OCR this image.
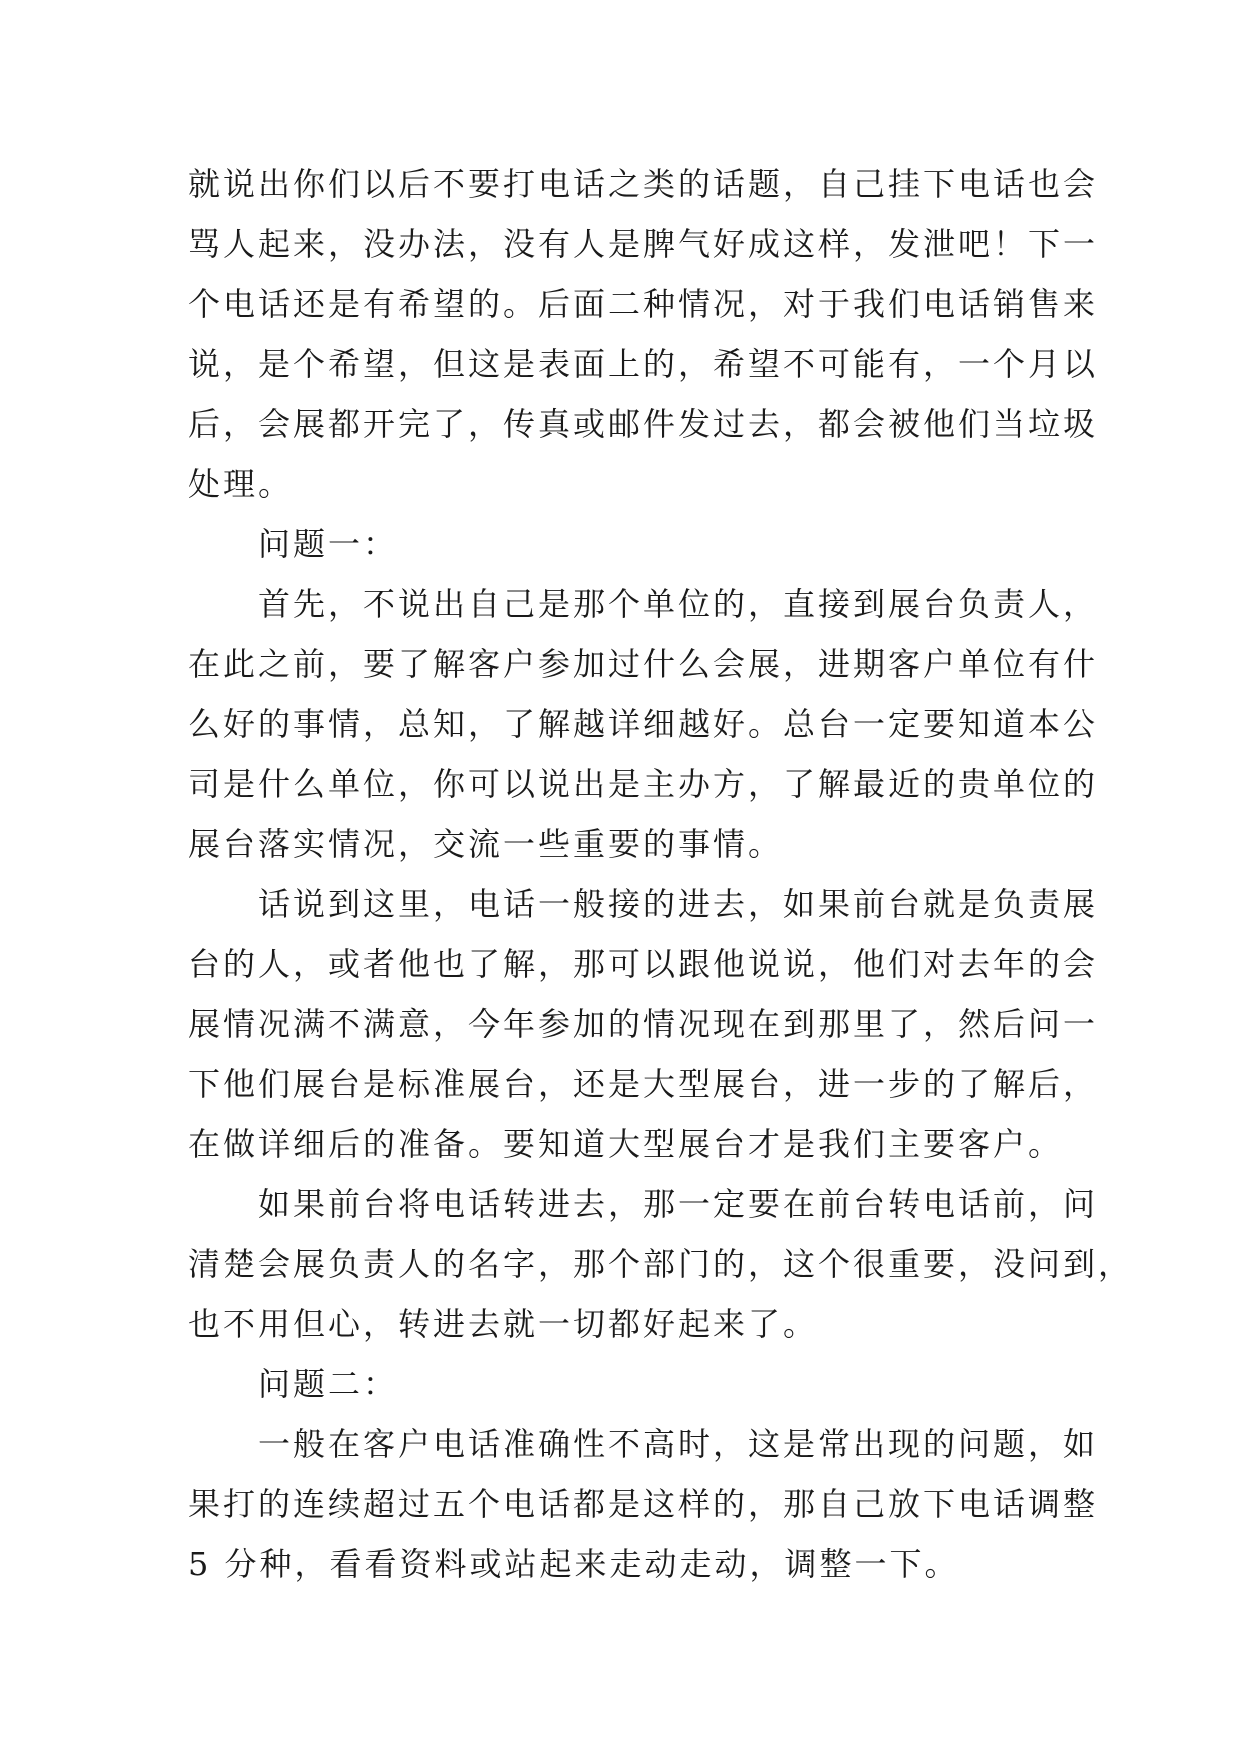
就说出你们以后不要打电话之类的话题，自己挂下电话也会
骂人起来，没办法，没有人是脾气好成这样，发泄吧！下一
个电话还是有希望的。后面二种情况，对于我们电话销售来
说，是个希望，但这是表面上的，希望不可能有，一个月以
后，会展都开完了，传真或邮件发过去，都会被他们当垃圾
处理。
　　问题一：
　　首先，不说出自己是那个单位的，直接到展台负责人，
在此之前，要了解客户参加过什么会展，进期客户单位有什
么好的事情，总知，了解越详细越好。总台一定要知道本公
司是什么单位，你可以说出是主办方，了解最近的贵单位的
展台落实情况，交流一些重要的事情。
　　话说到这里，电话一般接的进去，如果前台就是负责展
台的人，或者他也了解，那可以跟他说说，他们对去年的会
展情况满不满意，今年参加的情况现在到那里了，然后问一
下他们展台是标准展台，还是大型展台，进一步的了解后，
在做详细后的准备。要知道大型展台才是我们主要客户。
　　如果前台将电话转进去，那一定要在前台转电话前，问
清楚会展负责人的名字，那个部门的，这个很重要，没问到，
也不用但心，转进去就一切都好起来了。
　　问题二：
　　一般在客户电话准确性不高时，这是常出现的问题，如
果打的连续超过五个电话都是这样的，那自己放下电话调整
5 分种，看看资料或站起来走动走动，调整一下。
